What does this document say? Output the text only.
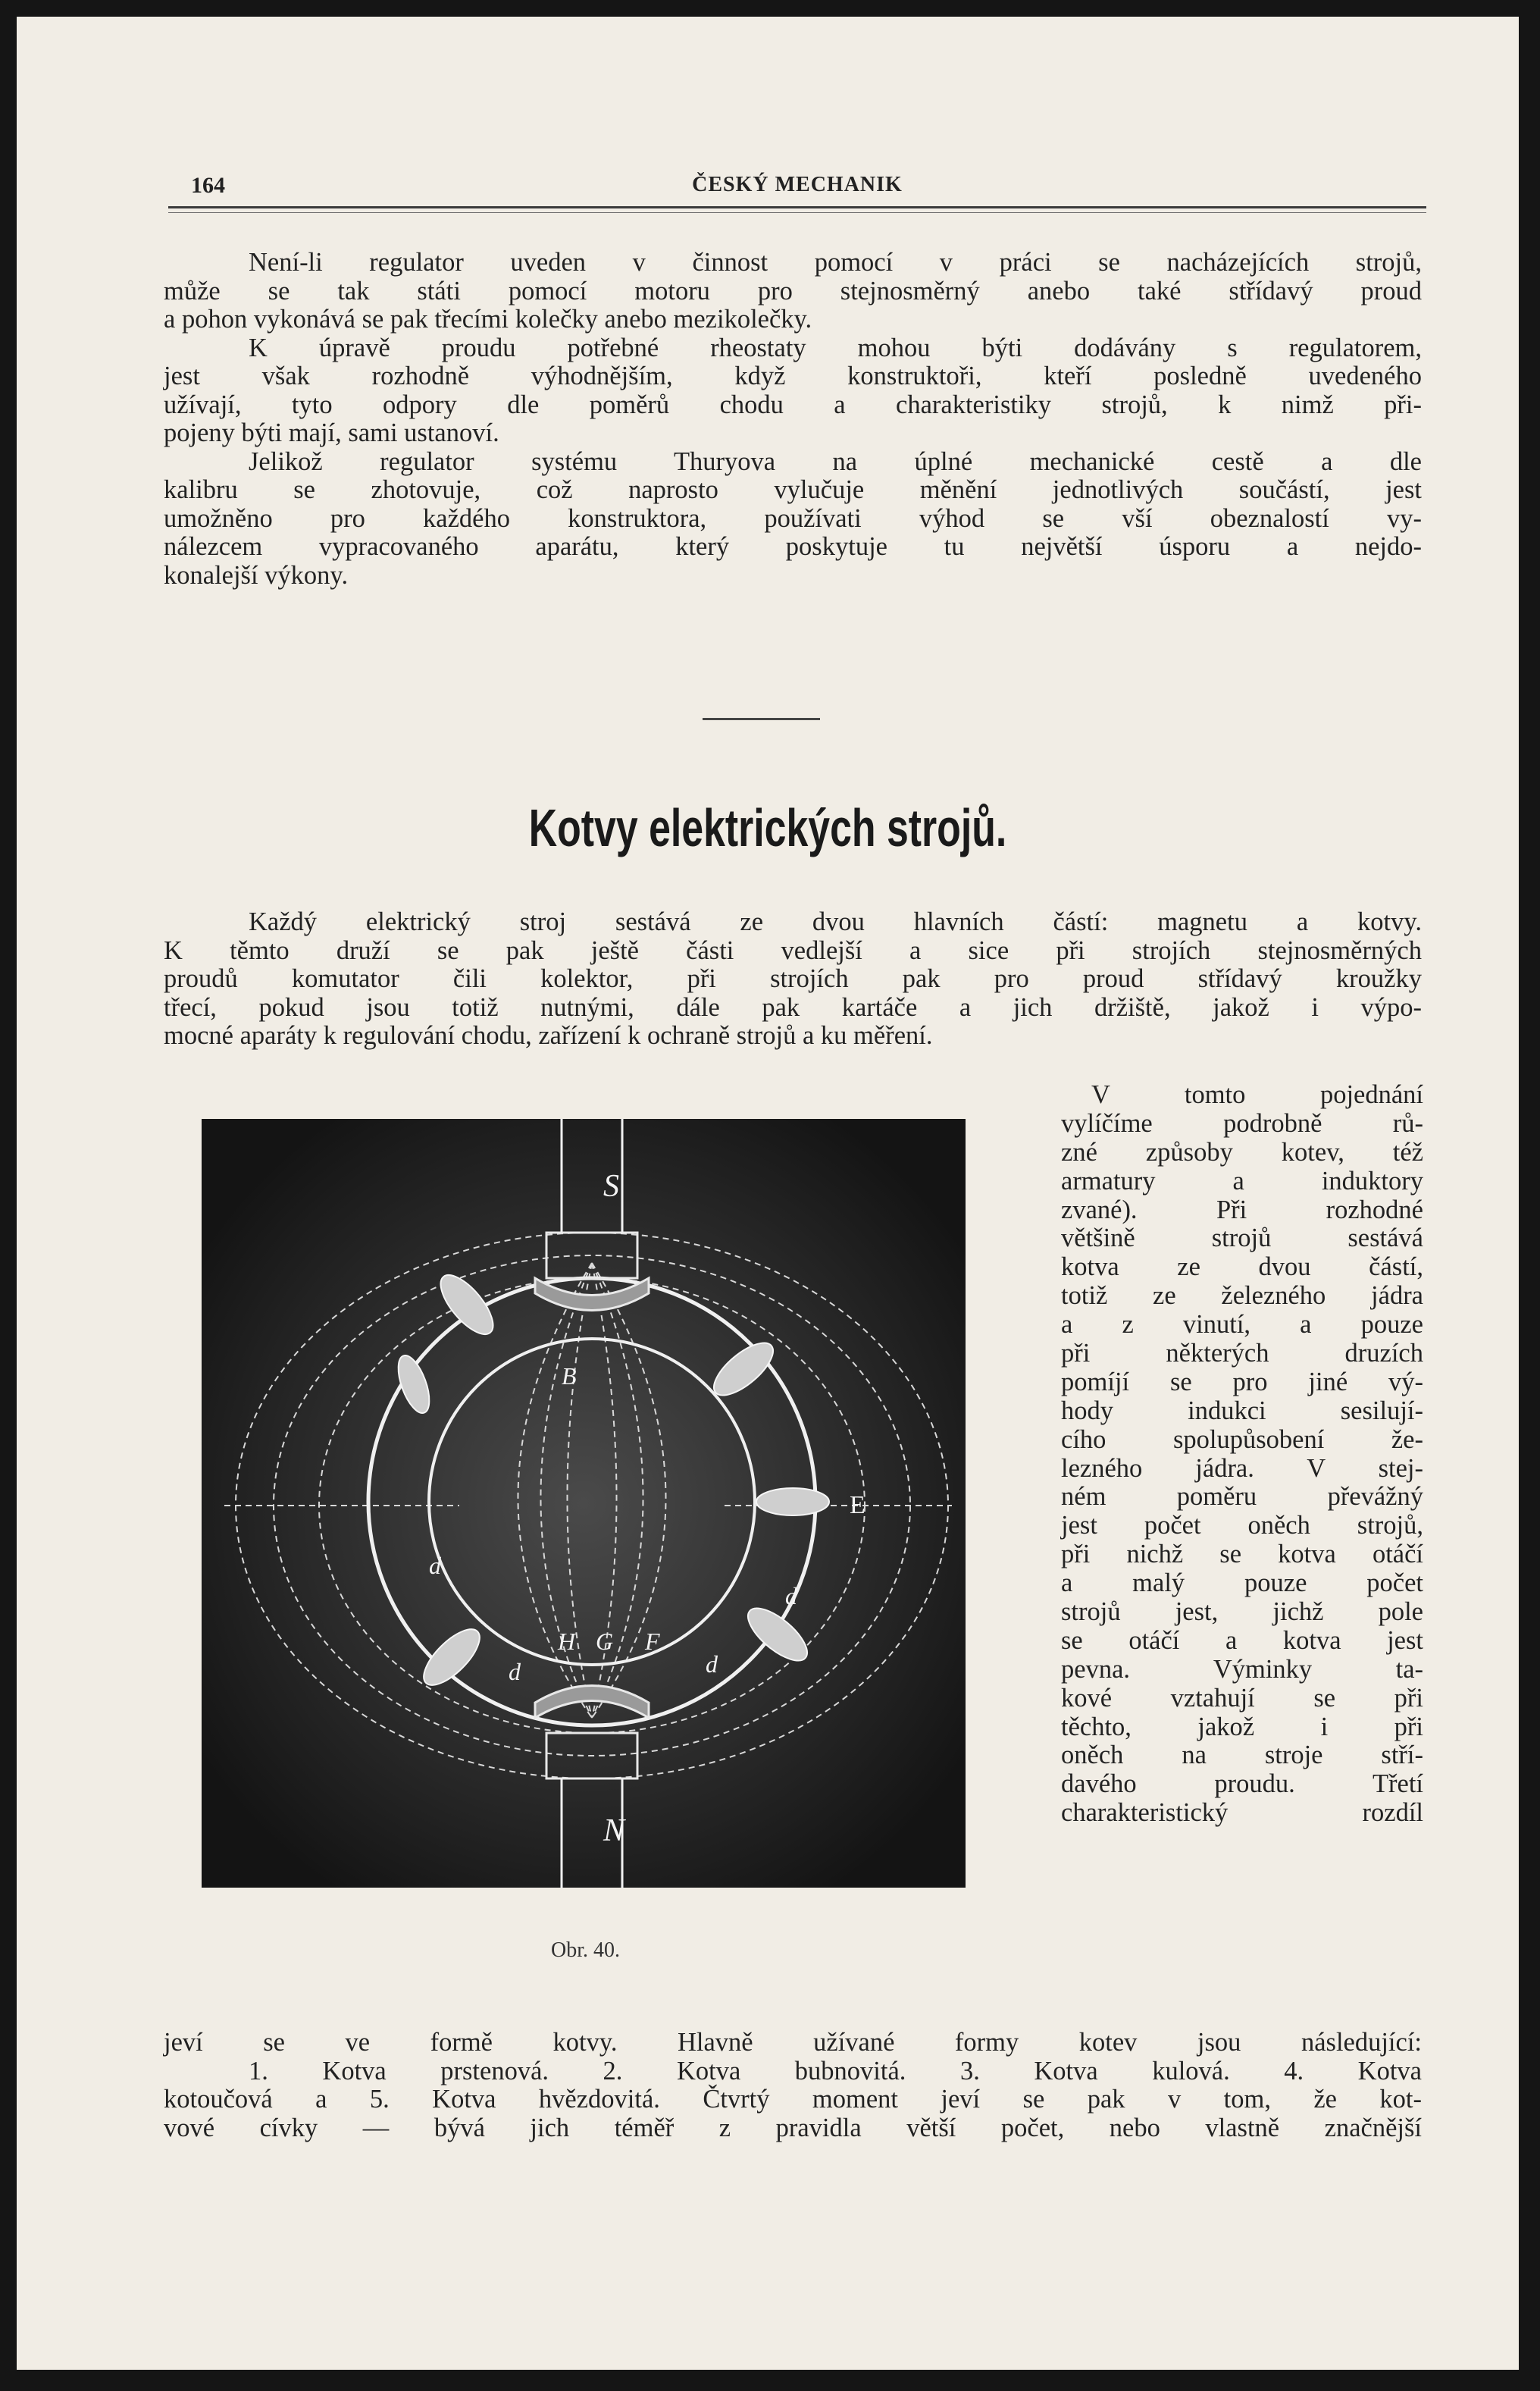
164	ČESKÝ MECHANIK
Není-li regulator uveden v činnost pomocí v práci se nacházejících strojů,
může se tak státi pomocí motoru pro stejnosměrný anebo také střídavý proud
a pohon vykonává se pak třecími kolečky anebo mezikolečky.
K úpravě proudu potřebné rheostaty mohou býti dodávány s regulatorem,
jest však rozhodně výhodnějším, když konstruktoři, kteří posledně uvedeného
užívají, tyto odpory dle poměrů chodu a charakteristiky strojů, k nimž při-
pojeny býti mají, sami ustanoví.
Jelikož regulator systému Thuryova na úplné mechanické cestě a dle
kalibru se zhotovuje, což naprosto vylučuje měnění jednotlivých součástí, jest
umožněno pro každého konstruktora, používati výhod se vší obeznalostí vy-
nálezcem vypracovaného aparátu, který poskytuje tu největší úsporu a nejdo-
konalejší výkony.
Kotvy elektrických strojů.
Každý elektrický stroj sestává ze dvou hlavních částí: magnetu a kotvy.
K těmto druží se pak ještě části vedlejší a sice při strojích stejnosměrných
proudů komutator čili kolektor, při strojích pak pro proud střídavý kroužky
třecí, pokud jsou totiž nutnými, dále pak kartáče a jich držiště, jakož i výpo-
mocné aparáty k regulování chodu, zařízení k ochraně strojů a ku měření.
S
N
E
B
H G F
d
d	d
d
Obr. 40.
V tomto pojednání
vylíčíme podrobně rů-
zné způsoby kotev, též
armatury a induktory
zvané). Při rozhodné
většině strojů sestává
kotva ze dvou částí,
totiž ze železného jádra
a z vinutí, a pouze
při některých druzích
pomíjí se pro jiné vý-
hody indukci sesilují-
cího spolupůsobení že-
lezného jádra. V stej-
ném poměru převážný
jest počet oněch strojů,
při nichž se kotva otáčí
a malý pouze počet
strojů jest, jichž pole
se otáčí a kotva jest
pevna. Výminky ta-
kové vztahují se při
těchto, jakož i při
oněch na stroje stří-
davého proudu. Třetí
charakteristický rozdíl
jeví se ve formě kotvy. Hlavně užívané formy kotev jsou následující:
1. Kotva prstenová. 2. Kotva bubnovitá. 3. Kotva kulová. 4. Kotva
kotoučová a 5. Kotva hvězdovitá. Čtvrtý moment jeví se pak v tom, že kot-
vové cívky — bývá jich téměř z pravidla větší počet, nebo vlastně značnější
